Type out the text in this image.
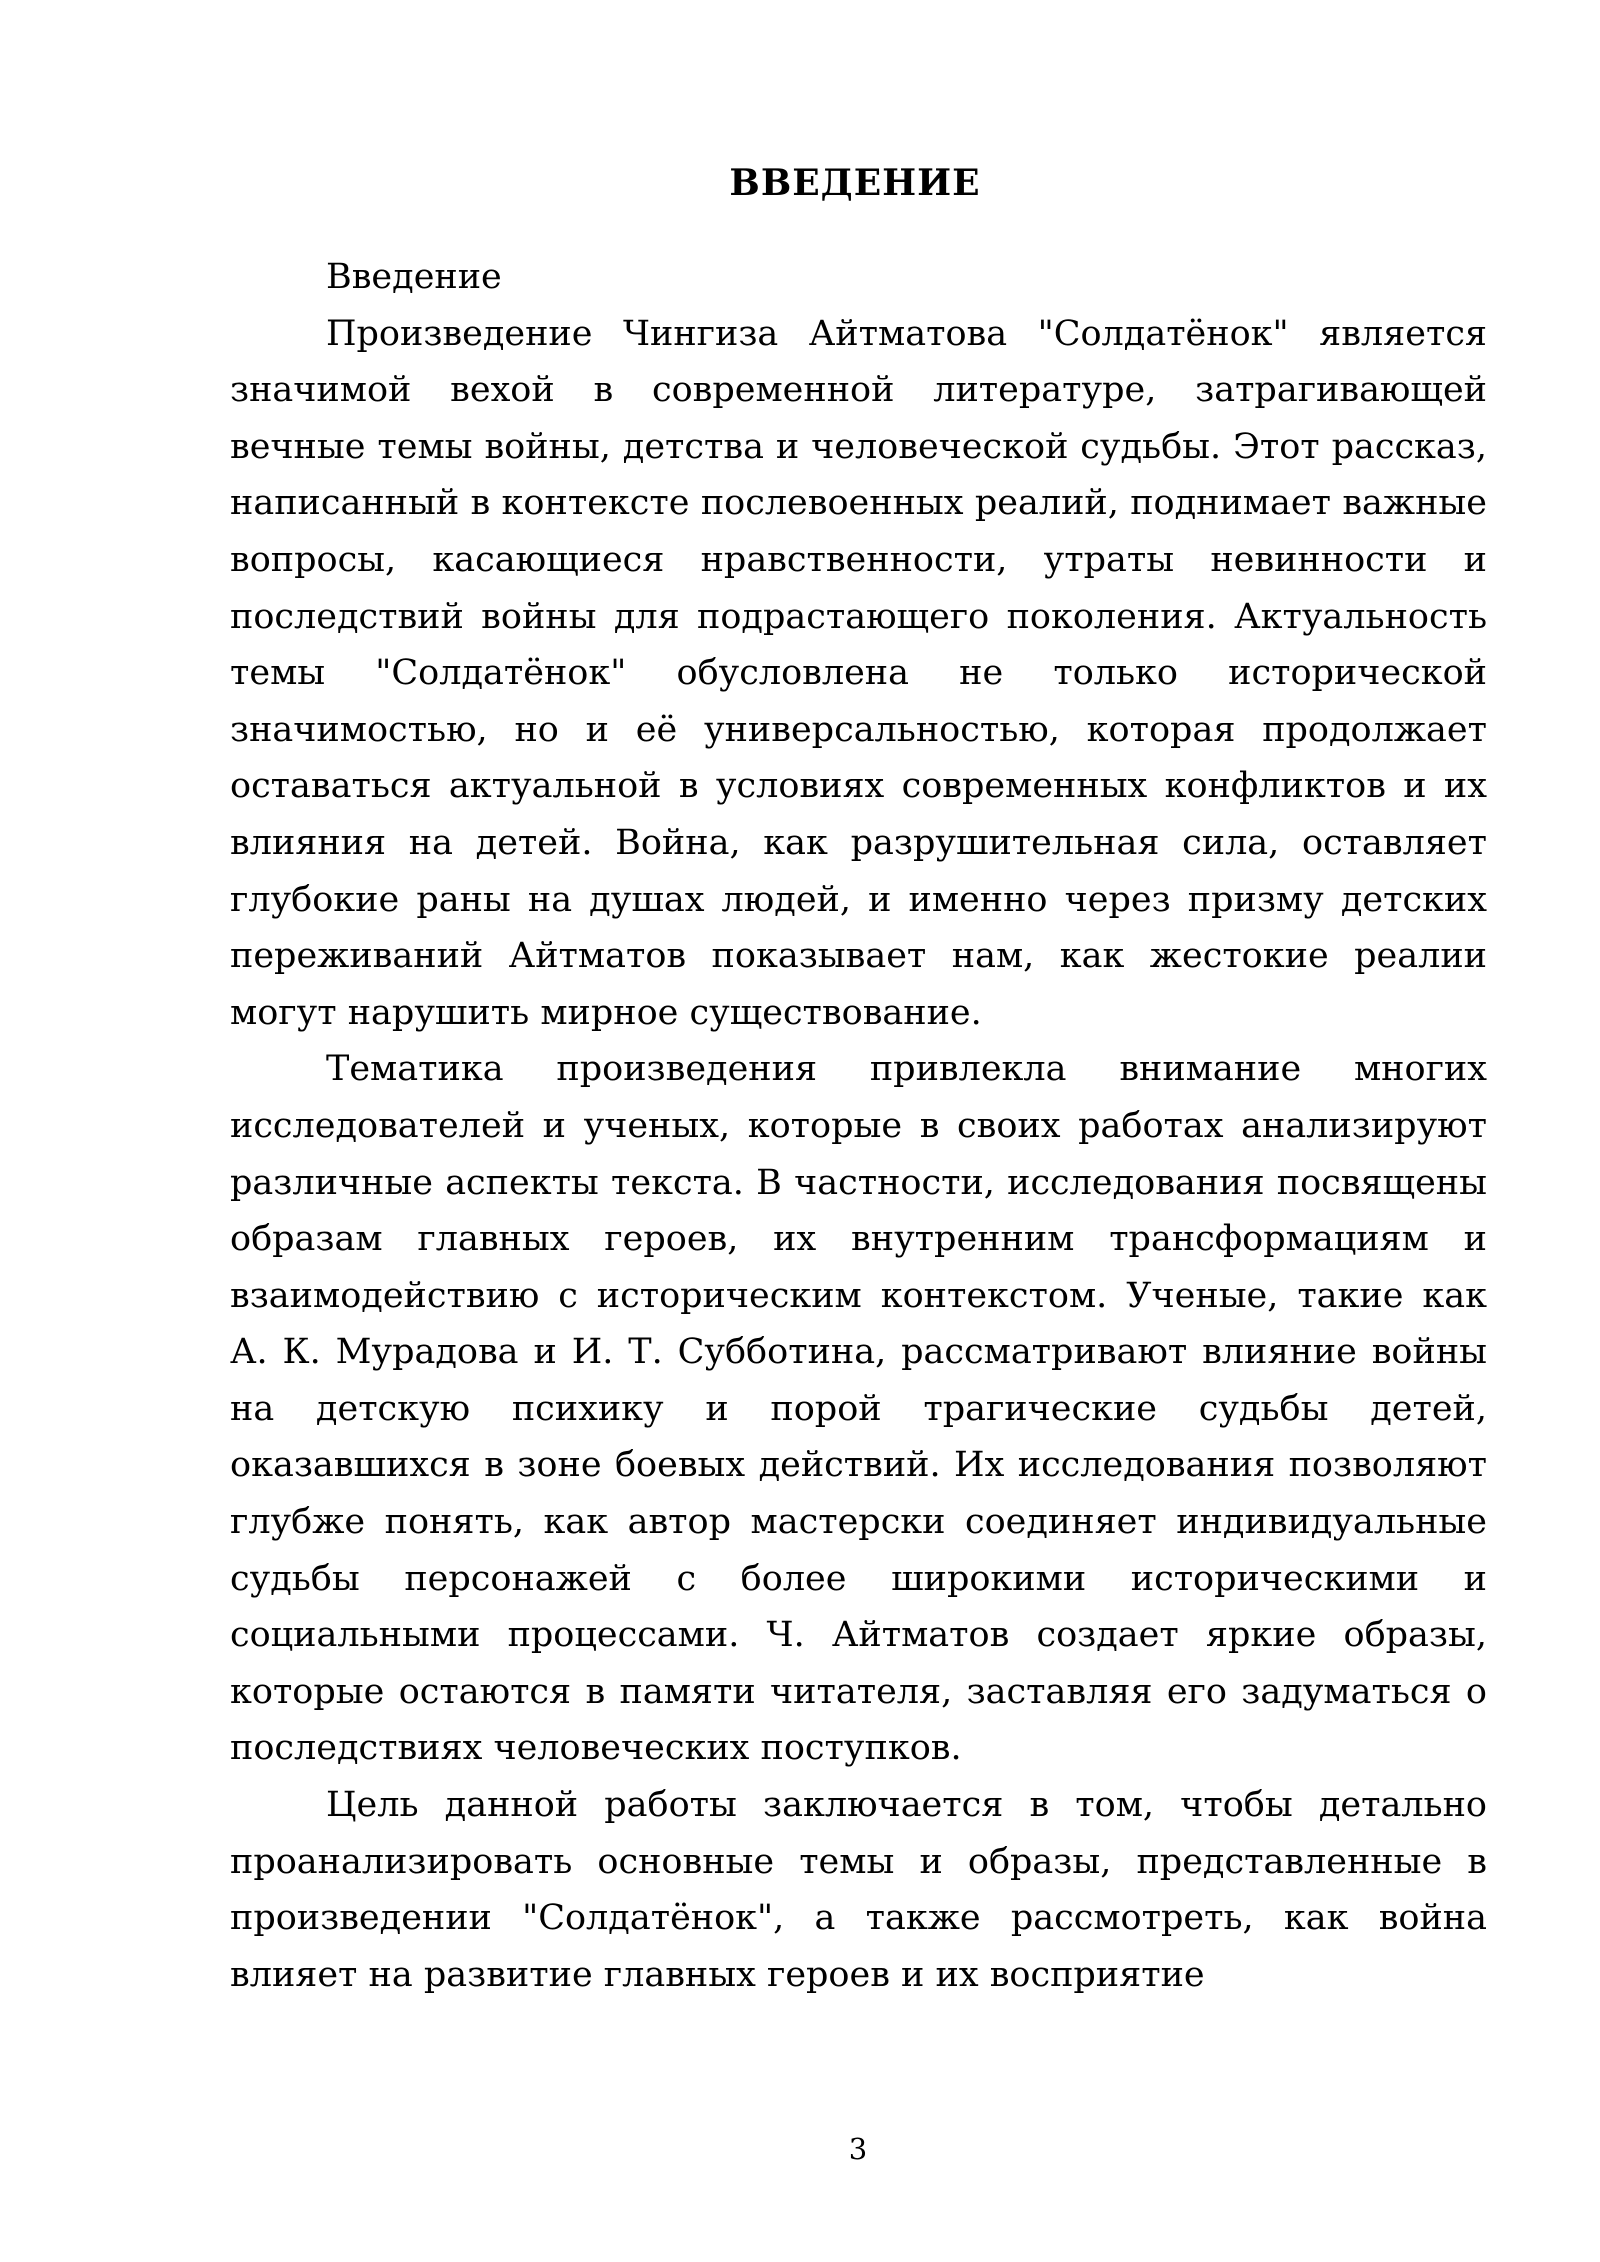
ВВЕДЕНИЕ

Введение

Произведение Чингиза Айтматова "Солдатёнок" является значимой вехой в современной литературе, затрагивающей вечные темы войны, детства и человеческой судьбы. Этот рассказ, написанный в контексте послевоенных реалий, поднимает важные вопросы, касающиеся нравственности, утраты невинности и последствий войны для подрастающего поколения. Актуальность темы "Солдатёнок" обусловлена не только исторической значимостью, но и её универсальностью, которая продолжает оставаться актуальной в условиях современных конфликтов и их влияния на детей. Война, как разрушительная сила, оставляет глубокие раны на душах людей, и именно через призму детских переживаний Айтматов показывает нам, как жестокие реалии могут нарушить мирное существование.

Тематика произведения привлекла внимание многих исследователей и ученых, которые в своих работах анализируют различные аспекты текста. В частности, исследования посвящены образам главных героев, их внутренним трансформациям и взаимодействию с историческим контекстом. Ученые, такие как А. К. Мурадова и И. Т. Субботина, рассматривают влияние войны на детскую психику и порой трагические судьбы детей, оказавшихся в зоне боевых действий. Их исследования позволяют глубже понять, как автор мастерски соединяет индивидуальные судьбы персонажей с более широкими историческими и социальными процессами. Ч. Айтматов создает яркие образы, которые остаются в памяти читателя, заставляя его задуматься о последствиях человеческих поступков.

Цель данной работы заключается в том, чтобы детально проанализировать основные темы и образы, представленные в произведении "Солдатёнок", а также рассмотреть, как война влияет на развитие главных героев и их восприятие

3
